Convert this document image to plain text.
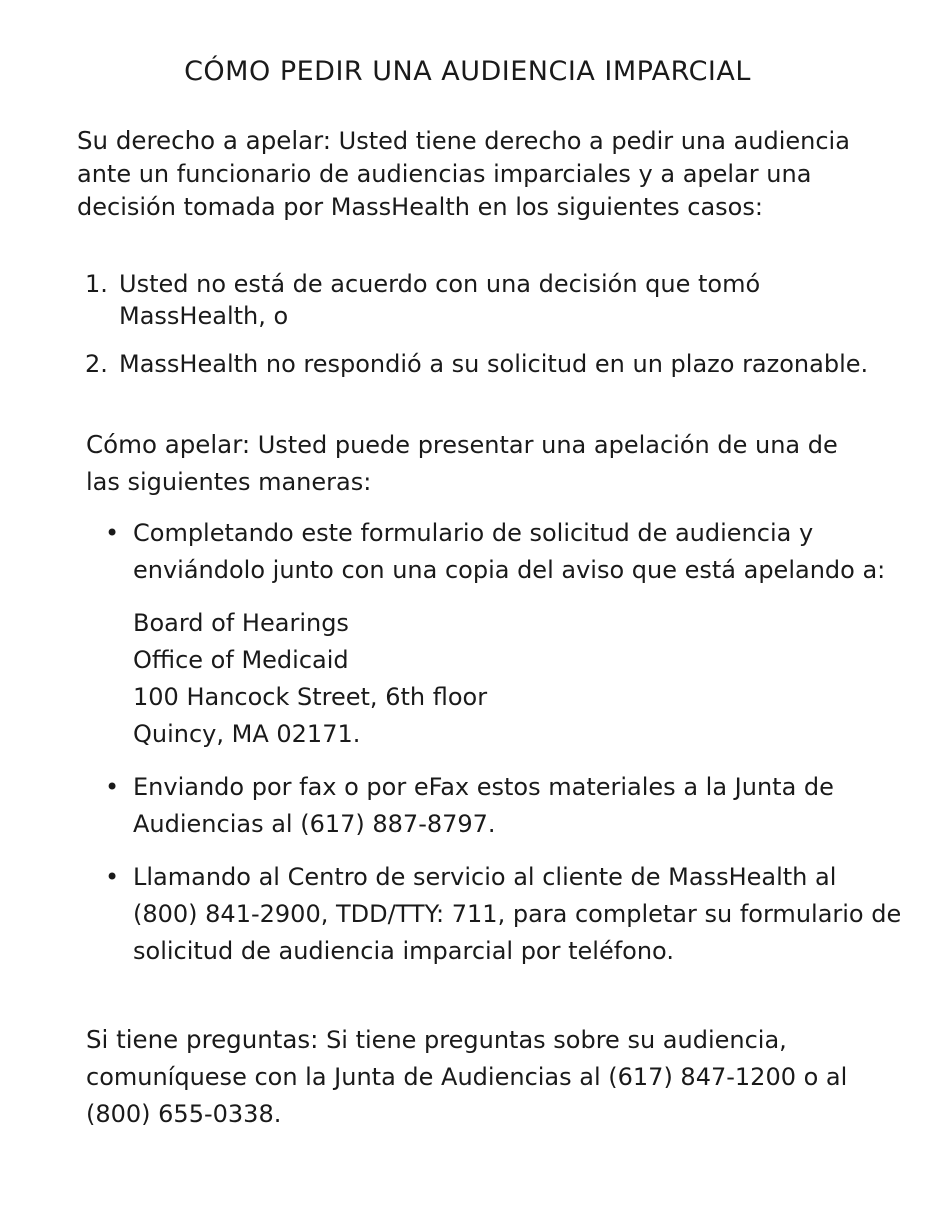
CÓMO PEDIR UNA AUDIENCIA IMPARCIAL

Su derecho a apelar: Usted tiene derecho a pedir una audiencia ante un funcionario de audiencias imparciales y a apelar una decisión tomada por MassHealth en los siguientes casos:

1. Usted no está de acuerdo con una decisión que tomó MassHealth, o
2. MassHealth no respondió a su solicitud en un plazo razonable.

Cómo apelar: Usted puede presentar una apelación de una de las siguientes maneras:

• Completando este formulario de solicitud de audiencia y enviándolo junto con una copia del aviso que está apelando a:
Board of Hearings
Office of Medicaid
100 Hancock Street, 6th floor
Quincy, MA 02171.
• Enviando por fax o por eFax estos materiales a la Junta de Audiencias al (617) 887-8797.
• Llamando al Centro de servicio al cliente de MassHealth al (800) 841-2900, TDD/TTY: 711, para completar su formulario de solicitud de audiencia imparcial por teléfono.

Si tiene preguntas: Si tiene preguntas sobre su audiencia, comuníquese con la Junta de Audiencias al (617) 847-1200 o al (800) 655-0338.
